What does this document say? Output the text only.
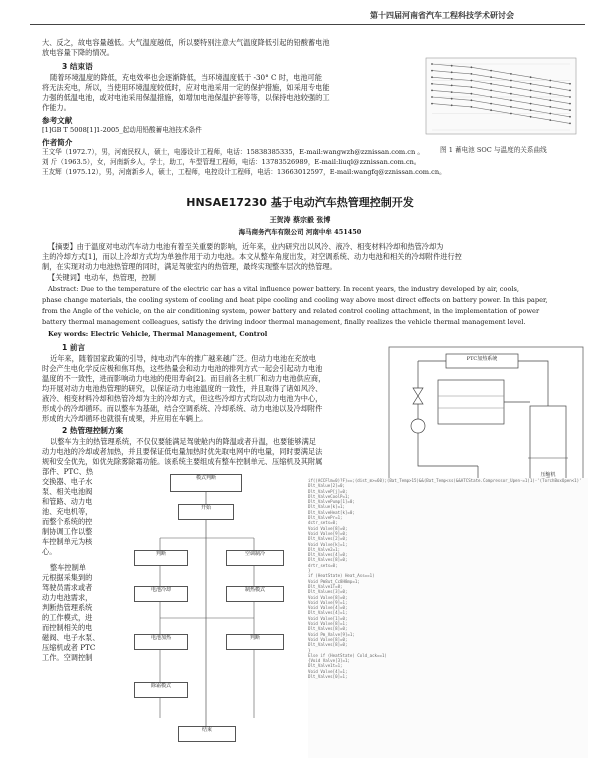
第十四届河南省汽车工程科技学术研讨会
大、反之，故电容量越低。大气温度越低，所以要特别注意大气温度降低引起的铅酸蓄电池
放电容量下降的情况。
3 结束语
随着环境温度的降低，充电效率也会逐渐降低，当环境温度低于 -30° C 时，电池可能
将无法充电，所以，当使用环境温度较低时，应对电池采用一定的保护措施，如采用专电能
力强的低温电池，或对电池采用保温措施，如增加电池保温护套等等，以保持电池较强的工
作能力。
参考文献
[1]GB T 5008[1]1-2005_起动用铅酸蓄电池技术条件
作者简介
王文华（1972.7），男，河南民权人，硕士，电器设计工程师，电话：15838385335，E-mail:wangwzh@zznissan.com.cn 。
刘 斤（1963.5），女，河南新乡人，学士，助工，车型管理工程师，电话：13783526989，E-mail:liuql@zznissan.com.cn。
王友辉（1975.12），男，河南新乡人，硕士，工程师，电控设计工程师，电话：13663012597，E-mail:wangfq@zznissan.com.cn。
图 1 蓄电池 SOC 与温度的关系曲线
HNSAE17230 基于电动汽车热管理控制开发
王贺涛 蔡宗毅 张博
海马商务汽车有限公司 河南中牟 451450
【摘要】由于温度对电动汽车动力电池有着至关重要的影响，近年来，业内研究出以风冷、液冷、相变材料冷却和热管冷却为
主的冷却方式[1]，而以上冷却方式均为单独作用于动力电池。本文从整车角度出发，对空调系统、动力电池和相关的冷却附件进行控
制，在实现对动力电池热管理的同时，满足驾驶室内的热管理，最终实现整车层次的热管理。
【关键词】电动车，热管理，控制
Abstract: Due to the temperature of the electric car has a vital influence power battery. In recent years, the industry developed by air, cools,
phase change materials, the cooling system of cooling and heat pipe cooling and cooling way above most direct effects on battery power. In this paper,
from the Angle of the vehicle, on the air conditioning system, power battery and related control cooling attachment, in the implementation of power
battery thermal management colleagues, satisfy the driving indoor thermal management, finally realizes the vehicle thermal management level.
Key words: Electric Vehicle, Thermal Management, Control
1 前言
近年来，随着国家政策的引导，纯电动汽车的推广越来越广泛。但动力电池在充放电
时会产生电化学反应极和焦耳热，这些热量会和动力电池的排列方式一起会引起动力电池
温度的不一致性，进而影响动力电池的使用寿命[2]。而目前各主机厂和动力电池供应商，
均开展对动力电池热管理的研究，以保证动力电池温度的一致性，并且取得了诸如风冷、
液冷、相变材料冷却和热管冷却为主的冷却方式，但这些冷却方式均以动力电池为中心，
形成小的冷却循环。而以整车为基础，结合空调系统、冷却系统、动力电池以及冷却附件
形成的大冷却循环也就很有成果，并应用在车辆上。
2 热管理控制方案
以整车为主的热管理系统，不仅仅要能满足驾驶舱内的降温或者升温，也要能够满足
动力电池的冷却或者加热，并且要保证低电量加热时优先取电网中的电量，同时要满足法
规和安全优先，如优先除雾除霜功能。该系统主要组成有整车控制单元、压缩机及其附属
部件、PTC、热
交换器、电子水
泵、相关电池阀
和管路、动力电
池、充电机等，
而整个系统的控
制协调工作以整
车控制单元为核
心。
整车控制单
元根据采集到的
驾驶员需求或者
动力电池需求，
判断热管理系统
的工作模式，进
而控制相关的电
磁阀、电子水泵、
压缩机或者 PTC
工作。空调控制
PTC加热系统
压缩机
模式判断
开始
判断	空调制冷
电池冷却	制热模式
电池加热	判断
除霜模式
结束
if((ACCFlm=0)?F)==;(dist_m>=60);(Bat_Temp>15)&&(Bat_Temp<ss)&&ATCState.Compressor_Upen-=1(1)-'(TorchBoxOpen<1)'
Dlt_Value[2]=0;
Dlt_ValveP[j]=0;
Dlt_ValveCoolP=1;
Dlt_ValvePump[1]=0;
Dlt_Value[k]=1;
Dlt_ValveHeat[k]=0;
Dlt_ValvePr=1;
dctr_sets=0;
Void Valve[8]=0;
Void Valve[9]=0;
Dlt_Valves[2]=0;
Void Valve[k]=1;
Dlt_Valve2=1;
Dlt_Valves[4]=0;
Dlt_Valves[8]=0;
drtr_sets=0;
}
if (HeatState) Heat_Ass==1)
Void Pm8ut_Cc8H8mp=1;
Dlt_Valve1T=8;
Dlt_Values[3]=0;
Void Valve[8]=0;
Void Valve[9]=1;
Void Valve[4]=0;
Dlt_Valves[4]=1;
Void Valve[1]=0;
Void Valve[8]=1;
Dlt_Valves[8]=0;
Void Pm_Valve[9]=1;
Void Valve[8]=0;
Dlt_Valves[8]=0;
}
Else if (HeatState) Cold_ack==1)
{Void Valve[3]=1;
Dlt_Valve1t=1;
Void Valve[4]=1;
Dlt_Valves[0]=1;
